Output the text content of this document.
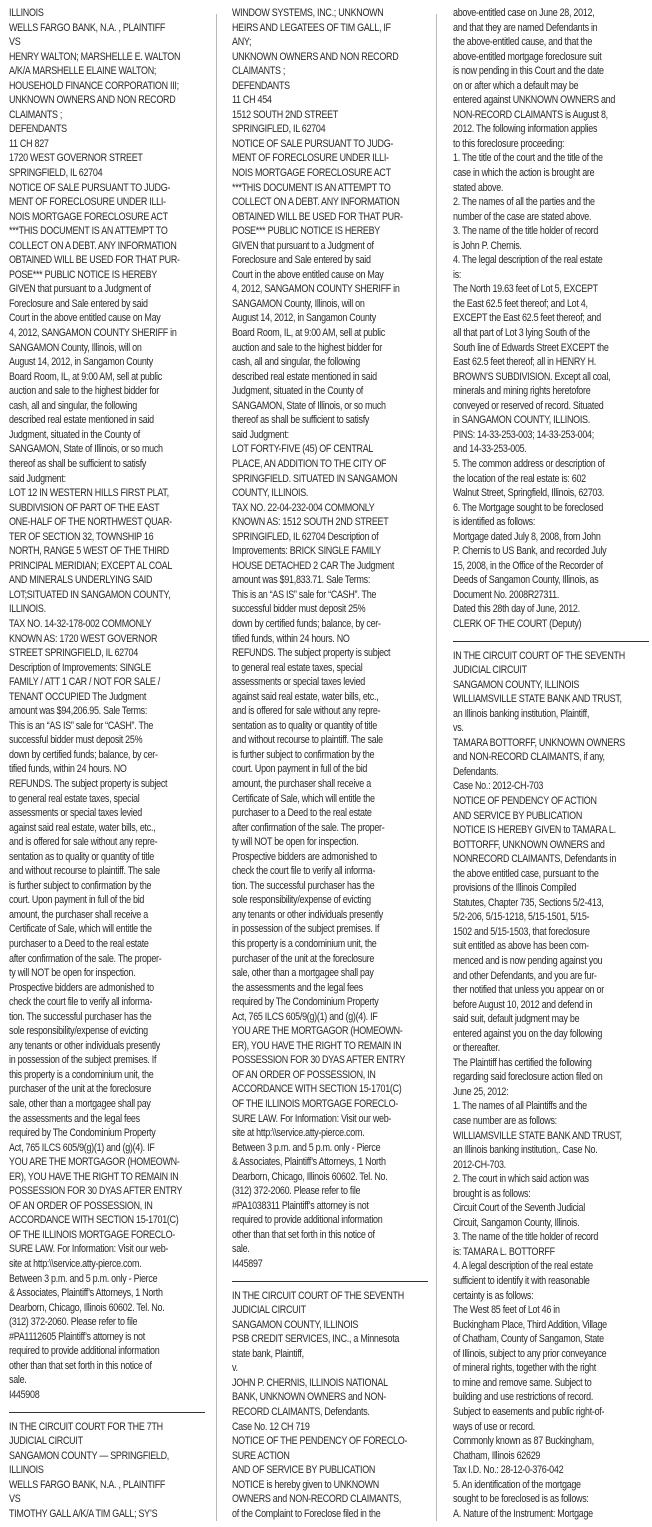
ILLINOIS
WELLS FARGO BANK, N.A. , PLAINTIFF
VS
HENRY WALTON; MARSHELLE E. WALTON
A/K/A MARSHELLE ELAINE WALTON;
HOUSEHOLD FINANCE CORPORATION III;
UNKNOWN OWNERS AND NON RECORD
CLAIMANTS ;
DEFENDANTS
11 CH 827
1720 WEST GOVERNOR STREET
SPRINGFIELD, IL 62704
NOTICE OF SALE PURSUANT TO JUDG-
MENT OF FORECLOSURE UNDER ILLI-
NOIS MORTGAGE FORECLOSURE ACT
***THIS DOCUMENT IS AN ATTEMPT TO
COLLECT ON A DEBT. ANY INFORMATION
OBTAINED WILL BE USED FOR THAT PUR-
POSE*** PUBLIC NOTICE IS HEREBY
GIVEN that pursuant to a Judgment of
Foreclosure and Sale entered by said
Court in the above entitled cause on May
4, 2012, SANGAMON COUNTY SHERIFF in
SANGAMON County, Illinois, will on
August 14, 2012, in Sangamon County
Board Room, IL, at 9:00 AM, sell at public
auction and sale to the highest bidder for
cash, all and singular, the following
described real estate mentioned in said
Judgment, situated in the County of
SANGAMON, State of Illinois, or so much
thereof as shall be sufficient to satisfy
said Judgment:
LOT 12 IN WESTERN HILLS FIRST PLAT,
SUBDIVISION OF PART OF THE EAST
ONE-HALF OF THE NORTHWEST QUAR-
TER OF SECTION 32, TOWNSHIP 16
NORTH, RANGE 5 WEST OF THE THIRD
PRINCIPAL MERIDIAN; EXCEPT AL COAL
AND MINERALS UNDERLYING SAID
LOT;SITUATED IN SANGAMON COUNTY,
ILLINOIS.
TAX NO. 14-32-178-002 COMMONLY
KNOWN AS: 1720 WEST GOVERNOR
STREET SPRINGFIELD, IL 62704
Description of Improvements: SINGLE
FAMILY / ATT 1 CAR / NOT FOR SALE /
TENANT OCCUPIED The Judgment
amount was $94,206.95. Sale Terms:
This is an “AS IS” sale for “CASH”. The
successful bidder must deposit 25%
down by certified funds; balance, by cer-
tified funds, within 24 hours. NO
REFUNDS. The subject property is subject
to general real estate taxes, special
assessments or special taxes levied
against said real estate, water bills, etc.,
and is offered for sale without any repre-
sentation as to quality or quantity of title
and without recourse to plaintiff. The sale
is further subject to confirmation by the
court. Upon payment in full of the bid
amount, the purchaser shall receive a
Certificate of Sale, which will entitle the
purchaser to a Deed to the real estate
after confirmation of the sale. The proper-
ty will NOT be open for inspection.
Prospective bidders are admonished to
check the court file to verify all informa-
tion. The successful purchaser has the
sole responsibility/expense of evicting
any tenants or other individuals presently
in possession of the subject premises. If
this property is a condominium unit, the
purchaser of the unit at the foreclosure
sale, other than a mortgagee shall pay
the assessments and the legal fees
required by The Condominium Property
Act, 765 ILCS 605/9(g)(1) and (g)(4). IF
YOU ARE THE MORTGAGOR (HOMEOWN-
ER), YOU HAVE THE RIGHT TO REMAIN IN
POSSESSION FOR 30 DYAS AFTER ENTRY
OF AN ORDER OF POSSESSION, IN
ACCORDANCE WITH SECTION 15-1701(C)
OF THE ILLINOIS MORTGAGE FORECLO-
SURE LAW. For Information: Visit our web-
site at http:\\service.atty-pierce.com.
Between 3 p.m. and 5 p.m. only - Pierce
& Associates, Plaintiff’s Attorneys, 1 North
Dearborn, Chicago, Illinois 60602. Tel. No.
(312) 372-2060. Please refer to file
#PA1112605 Plaintiff’s attorney is not
required to provide additional information
other than that set forth in this notice of
sale.
I445908
IN THE CIRCUIT COURT FOR THE 7TH
JUDICIAL CIRCUIT
SANGAMON COUNTY — SPRINGFIELD,
ILLINOIS
WELLS FARGO BANK, N.A. , PLAINTIFF
VS
TIMOTHY GALL A/K/A TIM GALL; SY’S
WINDOW SYSTEMS, INC.; UNKNOWN
HEIRS AND LEGATEES OF TIM GALL, IF
ANY;
UNKNOWN OWNERS AND NON RECORD
CLAIMANTS ;
DEFENDANTS
11 CH 454
1512 SOUTH 2ND STREET
SPRINGIFLED, IL 62704
NOTICE OF SALE PURSUANT TO JUDG-
MENT OF FORECLOSURE UNDER ILLI-
NOIS MORTGAGE FORECLOSURE ACT
***THIS DOCUMENT IS AN ATTEMPT TO
COLLECT ON A DEBT. ANY INFORMATION
OBTAINED WILL BE USED FOR THAT PUR-
POSE*** PUBLIC NOTICE IS HEREBY
GIVEN that pursuant to a Judgment of
Foreclosure and Sale entered by said
Court in the above entitled cause on May
4, 2012, SANGAMON COUNTY SHERIFF in
SANGAMON County, Illinois, will on
August 14, 2012, in Sangamon County
Board Room, IL, at 9:00 AM, sell at public
auction and sale to the highest bidder for
cash, all and singular, the following
described real estate mentioned in said
Judgment, situated in the County of
SANGAMON, State of Illinois, or so much
thereof as shall be sufficient to satisfy
said Judgment:
LOT FORTY-FIVE (45) OF CENTRAL
PLACE, AN ADDITION TO THE CITY OF
SPRINGFIELD. SITUATED IN SANGAMON
COUNTY, ILLINOIS.
TAX NO. 22-04-232-004 COMMONLY
KNOWN AS: 1512 SOUTH 2ND STREET
SPRINGIFLED, IL 62704 Description of
Improvements: BRICK SINGLE FAMILY
HOUSE DETACHED 2 CAR The Judgment
amount was $91,833.71. Sale Terms:
This is an “AS IS” sale for “CASH”. The
successful bidder must deposit 25%
down by certified funds; balance, by cer-
tified funds, within 24 hours. NO
REFUNDS. The subject property is subject
to general real estate taxes, special
assessments or special taxes levied
against said real estate, water bills, etc.,
and is offered for sale without any repre-
sentation as to quality or quantity of title
and without recourse to plaintiff. The sale
is further subject to confirmation by the
court. Upon payment in full of the bid
amount, the purchaser shall receive a
Certificate of Sale, which will entitle the
purchaser to a Deed to the real estate
after confirmation of the sale. The proper-
ty will NOT be open for inspection.
Prospective bidders are admonished to
check the court file to verify all informa-
tion. The successful purchaser has the
sole responsibility/expense of evicting
any tenants or other individuals presently
in possession of the subject premises. If
this property is a condominium unit, the
purchaser of the unit at the foreclosure
sale, other than a mortgagee shall pay
the assessments and the legal fees
required by The Condominium Property
Act, 765 ILCS 605/9(g)(1) and (g)(4). IF
YOU ARE THE MORTGAGOR (HOMEOWN-
ER), YOU HAVE THE RIGHT TO REMAIN IN
POSSESSION FOR 30 DYAS AFTER ENTRY
OF AN ORDER OF POSSESSION, IN
ACCORDANCE WITH SECTION 15-1701(C)
OF THE ILLINOIS MORTGAGE FORECLO-
SURE LAW. For Information: Visit our web-
site at http:\\service.atty-pierce.com.
Between 3 p.m. and 5 p.m. only - Pierce
& Associates, Plaintiff’s Attorneys, 1 North
Dearborn, Chicago, Illinois 60602. Tel. No.
(312) 372-2060. Please refer to file
#PA1038311 Plaintiff’s attorney is not
required to provide additional information
other than that set forth in this notice of
sale.
I445897
IN THE CIRCUIT COURT OF THE SEVENTH
JUDICIAL CIRCUIT
SANGAMON COUNTY, ILLINOIS
PSB CREDIT SERVICES, INC., a Minnesota
state bank, Plaintiff,
v.
JOHN P. CHERNIS, ILLINOIS NATIONAL
BANK, UNKNOWN OWNERS and NON-
RECORD CLAIMANTS, Defendants.
Case No. 12 CH 719
NOTICE OF THE PENDENCY OF FORECLO-
SURE ACTION
AND OF SERVICE BY PUBLICATION
NOTICE is hereby given to UNKNOWN
OWNERS and NON-RECORD CLAIMANTS,
of the Complaint to Foreclose filed in the
above-entitled case on June 28, 2012,
and that they are named Defendants in
the above-entitled cause, and that the
above-entitled mortgage foreclosure suit
is now pending in this Court and the date
on or after which a default may be
entered against UNKNOWN OWNERS and
NON-RECORD CLAIMANTS is August 8,
2012. The following information applies
to this foreclosure proceeding:
1. The title of the court and the title of the
case in which the action is brought are
stated above.
2. The names of all the parties and the
number of the case are stated above.
3. The name of the title holder of record
is John P. Chernis.
4. The legal description of the real estate
is:
The North 19.63 feet of Lot 5, EXCEPT
the East 62.5 feet thereof; and Lot 4,
EXCEPT the East 62.5 feet thereof; and
all that part of Lot 3 lying South of the
South line of Edwards Street EXCEPT the
East 62.5 feet thereof; all in HENRY H.
BROWN’S SUBDIVISION. Except all coal,
minerals and mining rights heretofore
conveyed or reserved of record. Situated
in SANGAMON COUNTY, ILLINOIS.
PINS: 14-33-253-003; 14-33-253-004;
and 14-33-253-005.
5. The common address or description of
the location of the real estate is: 602
Walnut Street, Springfield, Illinois, 62703.
6. The Mortgage sought to be foreclosed
is identified as follows:
Mortgage dated July 8, 2008, from John
P. Chernis to US Bank, and recorded July
15, 2008, in the Office of the Recorder of
Deeds of Sangamon County, Illinois, as
Document No. 2008R27311.
Dated this 28th day of June, 2012.
CLERK OF THE COURT (Deputy)
IN THE CIRCUIT COURT OF THE SEVENTH
JUDICIAL CIRCUIT
SANGAMON COUNTY, ILLINOIS
WILLIAMSVILLE STATE BANK AND TRUST,
an Illinois banking institution, Plaintiff,
vs.
TAMARA BOTTORFF, UNKNOWN OWNERS
and NON-RECORD CLAIMANTS, if any,
Defendants.
Case No.: 2012-CH-703
NOTICE OF PENDENCY OF ACTION
AND SERVICE BY PUBLICATION
NOTICE IS HEREBY GIVEN to TAMARA L.
BOTTORFF, UNKNOWN OWNERS and
NONRECORD CLAIMANTS, Defendants in
the above entitled case, pursuant to the
provisions of the Illinois Compiled
Statutes, Chapter 735, Sections 5/2-413,
5/2-206, 5/15-1218, 5/15-1501, 5/15-
1502 and 5/15-1503, that foreclosure
suit entitled as above has been com-
menced and is now pending against you
and other Defendants, and you are fur-
ther notified that unless you appear on or
before August 10, 2012 and defend in
said suit, default judgment may be
entered against you on the day following
or thereafter.
The Plaintiff has certified the following
regarding said foreclosure action filed on
June 25, 2012:
1. The names of all Plaintiffs and the
case number are as follows:
WILLIAMSVILLE STATE BANK AND TRUST,
an Illinois banking institution,. Case No.
2012-CH-703.
2. The court in which said action was
brought is as follows:
Circuit Court of the Seventh Judicial
Circuit, Sangamon County, Illinois.
3. The name of the title holder of record
is: TAMARA L. BOTTORFF
4. A legal description of the real estate
sufficient to identify it with reasonable
certainty is as follows:
The West 85 feet of Lot 46 in
Buckingham Place, Third Addition, Village
of Chatham, County of Sangamon, State
of Illinois, subject to any prior conveyance
of mineral rights, together with the right
to mine and remove same. Subject to
building and use restrictions of record.
Subject to easements and public right-of-
ways of use or record.
Commonly known as 87 Buckingham,
Chatham, Illinois 62629
Tax I.D. No.: 28-12-0-376-042
5. An identification of the mortgage
sought to be foreclosed is as follows:
A. Nature of the Instrument: Mortgage
